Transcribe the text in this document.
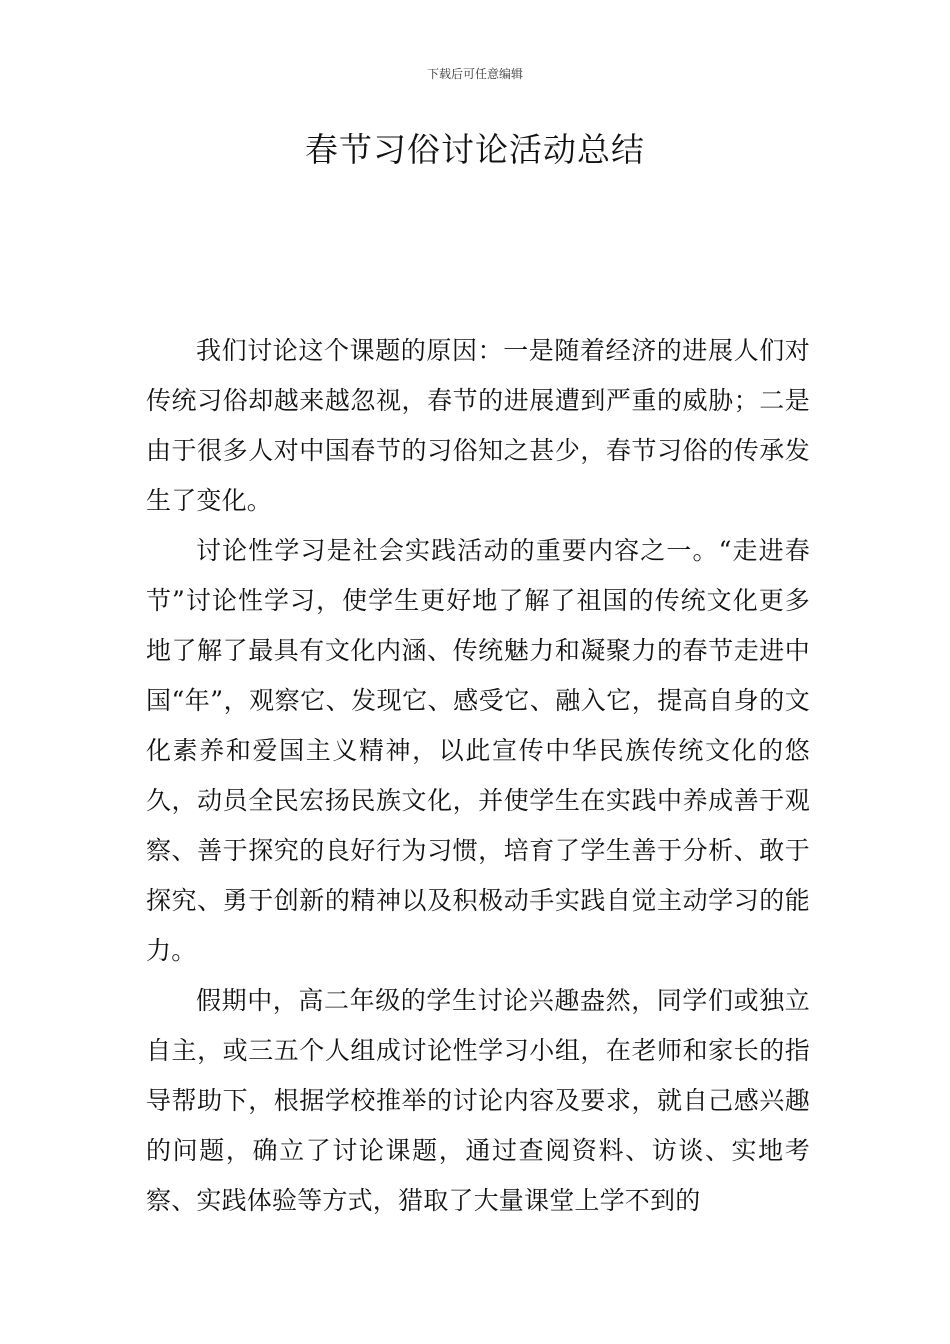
下载后可任意编辑
春节习俗讨论活动总结

我们讨论这个课题的原因：一是随着经济的进展人们对传统习俗却越来越忽视，春节的进展遭到严重的威胁；二是由于很多人对中国春节的习俗知之甚少，春节习俗的传承发生了变化。

讨论性学习是社会实践活动的重要内容之一。“走进春节”讨论性学习，使学生更好地了解了祖国的传统文化更多地了解了最具有文化内涵、传统魅力和凝聚力的春节走进中国“年”，观察它、发现它、感受它、融入它，提高自身的文化素养和爱国主义精神，以此宣传中华民族传统文化的悠久，动员全民宏扬民族文化，并使学生在实践中养成善于观察、善于探究的良好行为习惯，培育了学生善于分析、敢于探究、勇于创新的精神以及积极动手实践自觉主动学习的能力。

假期中，高二年级的学生讨论兴趣盎然，同学们或独立自主，或三五个人组成讨论性学习小组，在老师和家长的指导帮助下，根据学校推举的讨论内容及要求，就自己感兴趣的问题，确立了讨论课题，通过查阅资料、访谈、实地考察、实践体验等方式，猎取了大量课堂上学不到的
